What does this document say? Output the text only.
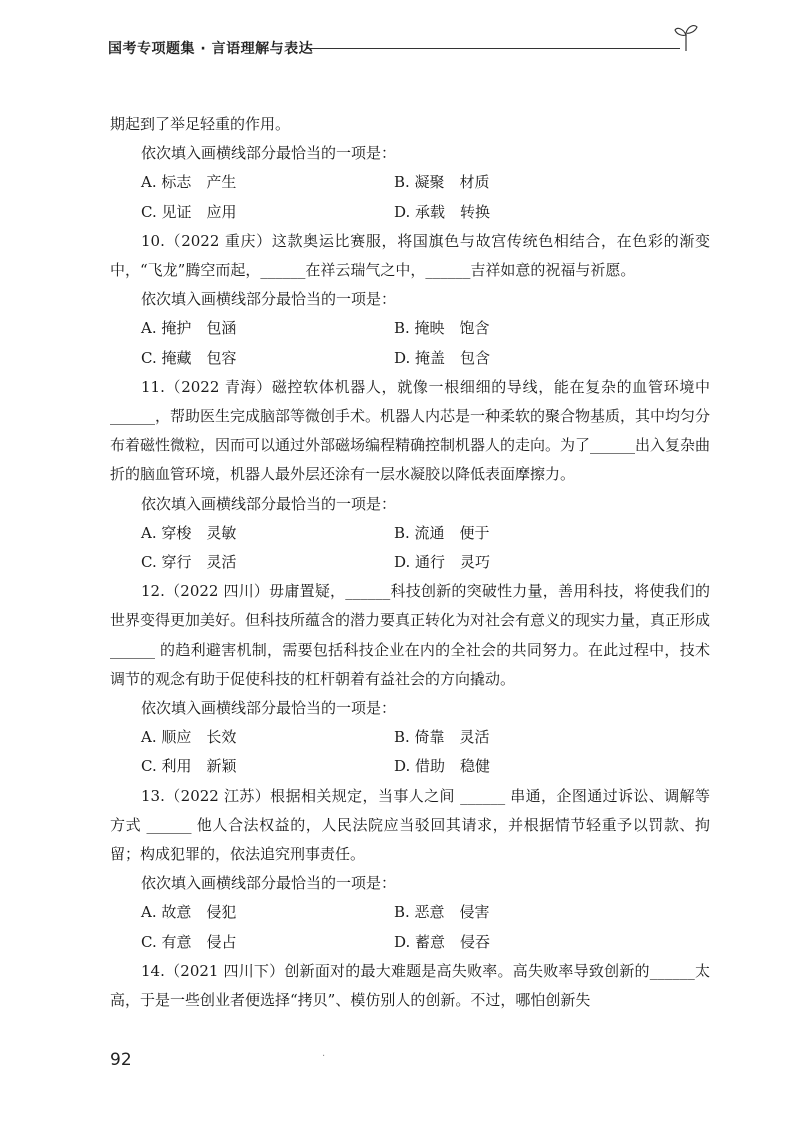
国考专项题集 · 言语理解与表达

期起到了举足轻重的作用。

依次填入画横线部分最恰当的一项是：

A. 标志　产生	B. 凝聚　材质
C. 见证　应用	D. 承载　转换

10.（2022 重庆）这款奥运比赛服，将国旗色与故宫传统色相结合，在色彩的渐变中，“飞龙”腾空而起，______在祥云瑞气之中，______吉祥如意的祝福与祈愿。

依次填入画横线部分最恰当的一项是：

A. 掩护　包涵	B. 掩映　饱含
C. 掩藏　包容	D. 掩盖　包含

11.（2022 青海）磁控软体机器人，就像一根细细的导线，能在复杂的血管环境中 ______，帮助医生完成脑部等微创手术。机器人内芯是一种柔软的聚合物基质，其中均匀分布着磁性微粒，因而可以通过外部磁场编程精确控制机器人的走向。为了______出入复杂曲折的脑血管环境，机器人最外层还涂有一层水凝胶以降低表面摩擦力。

依次填入画横线部分最恰当的一项是：

A. 穿梭　灵敏	B. 流通　便于
C. 穿行　灵活	D. 通行　灵巧

12.（2022 四川）毋庸置疑，______科技创新的突破性力量，善用科技，将使我们的世界变得更加美好。但科技所蕴含的潜力要真正转化为对社会有意义的现实力量，真正形成 ______ 的趋利避害机制，需要包括科技企业在内的全社会的共同努力。在此过程中，技术调节的观念有助于促使科技的杠杆朝着有益社会的方向撬动。

依次填入画横线部分最恰当的一项是：

A. 顺应　长效	B. 倚靠　灵活
C. 利用　新颖	D. 借助　稳健

13.（2022 江苏）根据相关规定，当事人之间 ______ 串通，企图通过诉讼、调解等方式 ______ 他人合法权益的，人民法院应当驳回其请求，并根据情节轻重予以罚款、拘留；构成犯罪的，依法追究刑事责任。

依次填入画横线部分最恰当的一项是：

A. 故意　侵犯	B. 恶意　侵害
C. 有意　侵占	D. 蓄意　侵吞

14.（2021 四川下）创新面对的最大难题是高失败率。高失败率导致创新的______太高，于是一些创业者便选择“拷贝”、模仿别人的创新。不过，哪怕创新失

92	·
